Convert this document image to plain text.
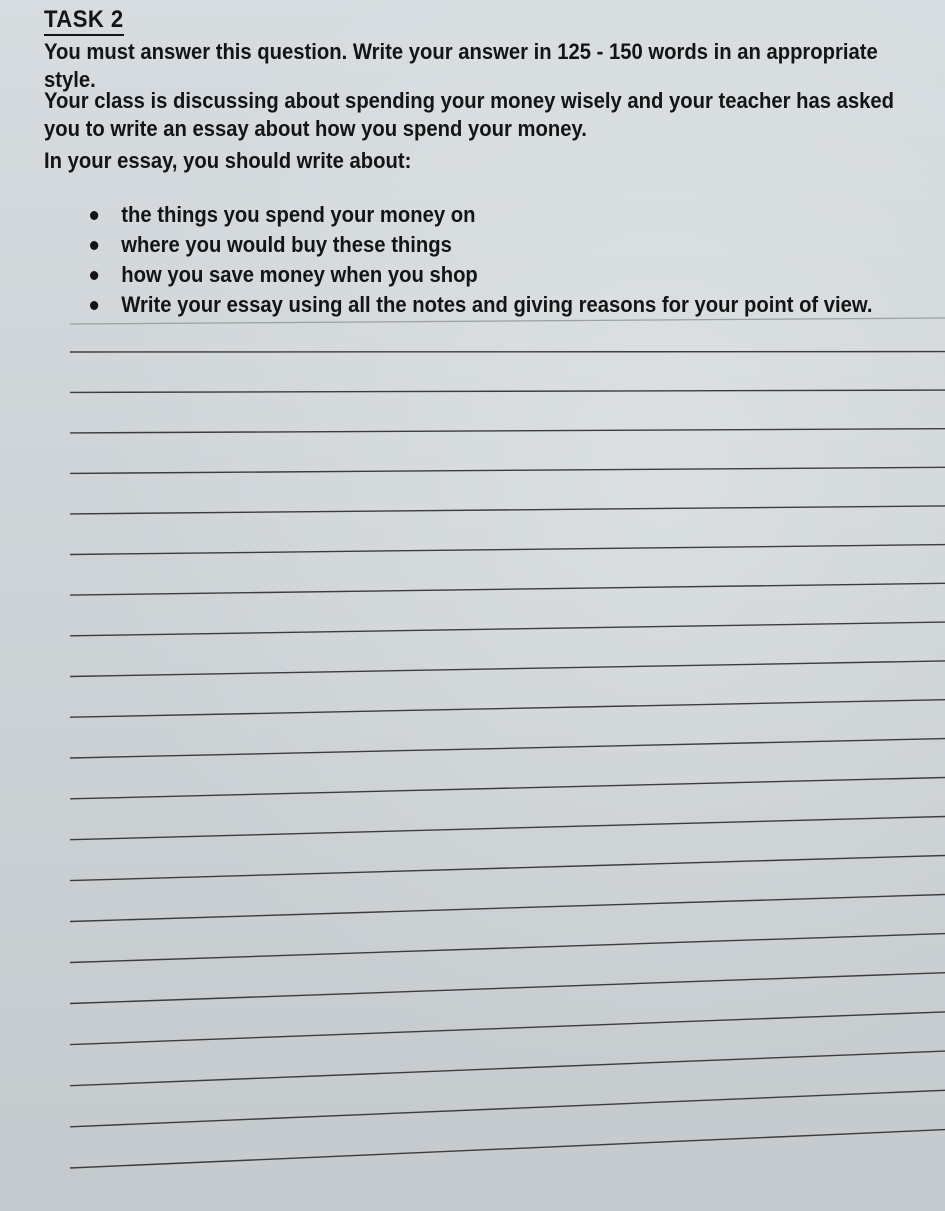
TASK 2
You must answer this question. Write your answer in 125 - 150 words in an appropriate
style.
Your class is discussing about spending your money wisely and your teacher has asked
you to write an essay about how you spend your money.
In your essay, you should write about:
the things you spend your money on
where you would buy these things
how you save money when you shop
Write your essay using all the notes and giving reasons for your point of view.
